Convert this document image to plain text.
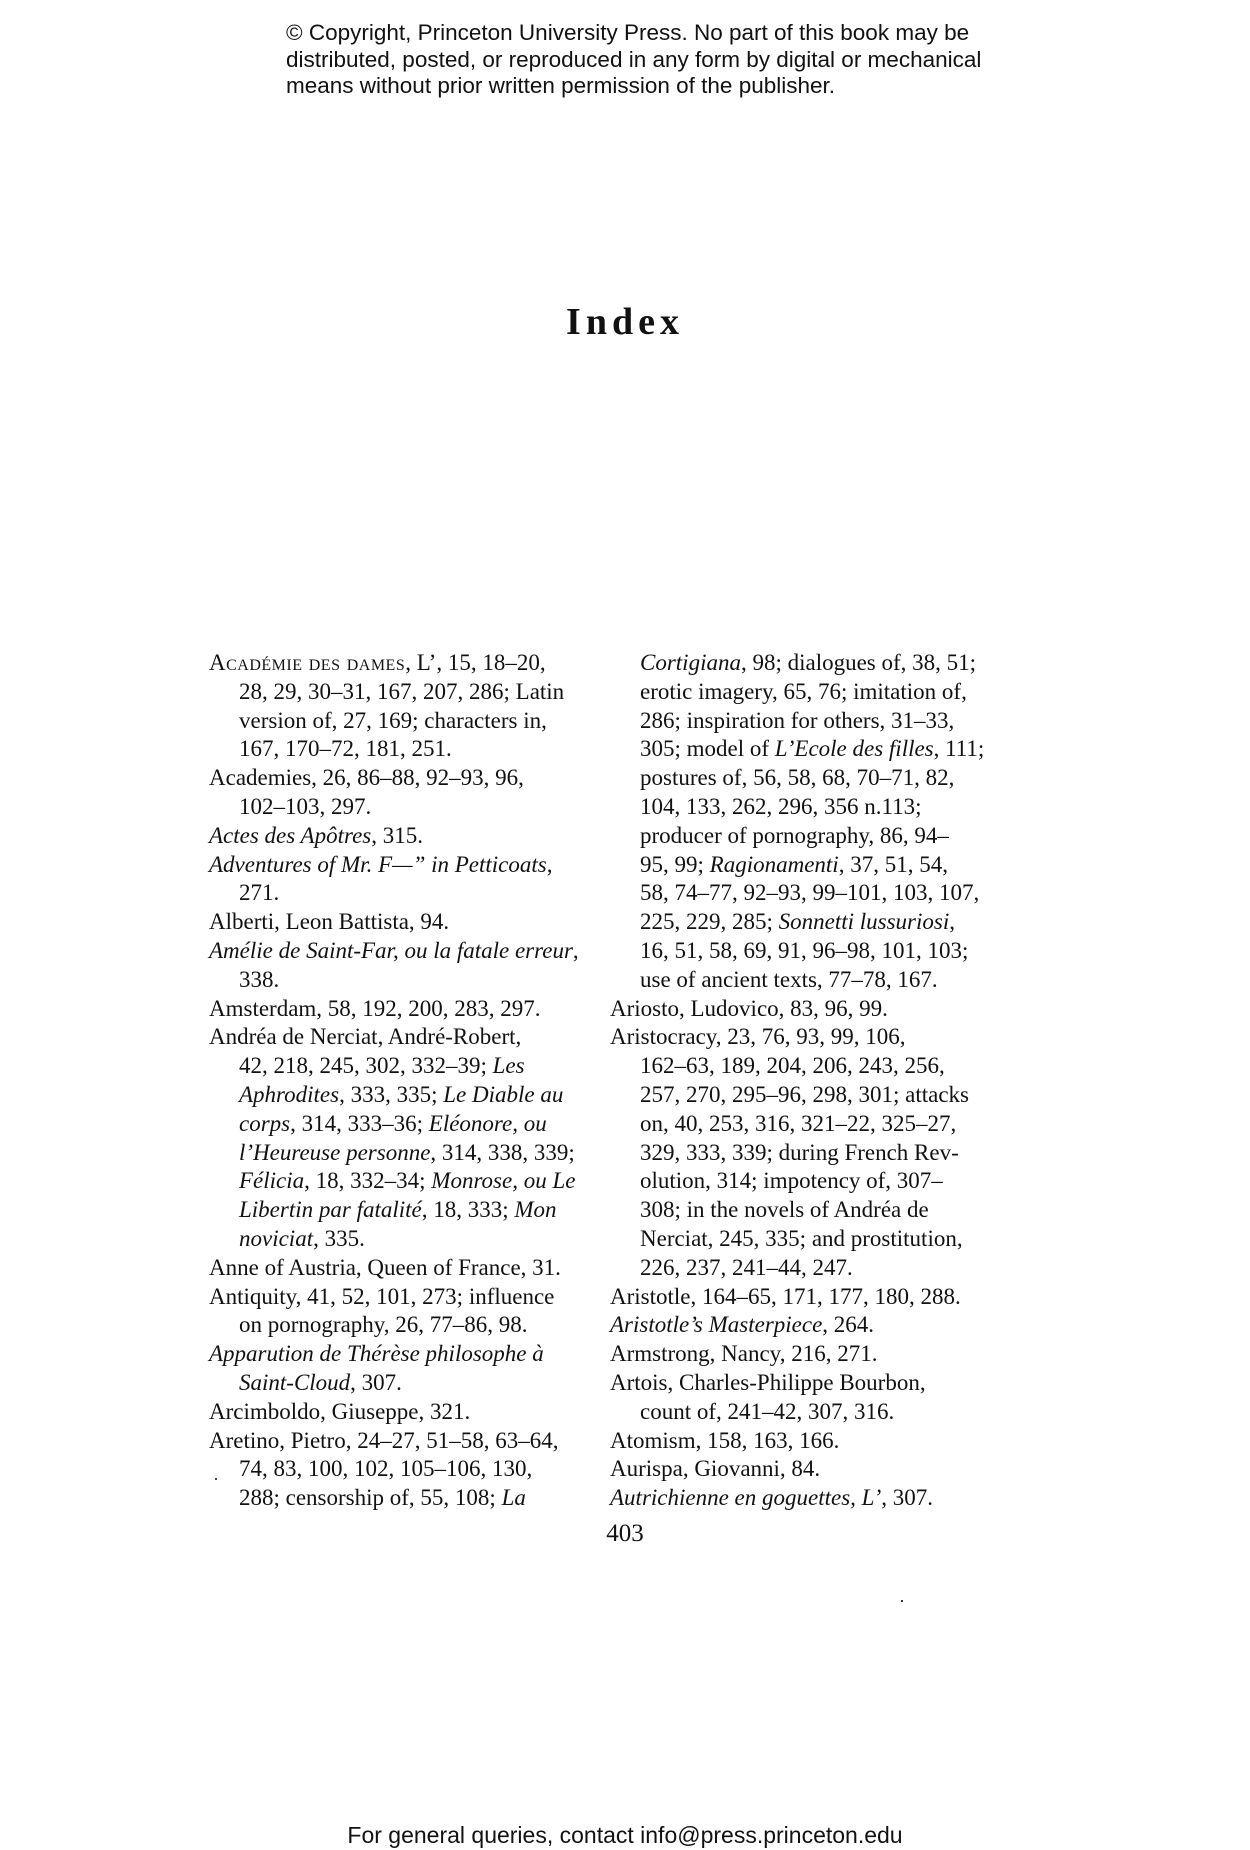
© Copyright, Princeton University Press. No part of this book may be
distributed, posted, or reproduced in any form by digital or mechanical
means without prior written permission of the publisher.
Index
Académie des dames, L’, 15, 18–20,
28, 29, 30–31, 167, 207, 286; Latin
version of, 27, 169; characters in,
167, 170–72, 181, 251.
Academies, 26, 86–88, 92–93, 96,
102–103, 297.
Actes des Apôtres, 315.
Adventures of Mr. F—” in Petticoats,
271.
Alberti, Leon Battista, 94.
Amélie de Saint-Far, ou la fatale erreur,
338.
Amsterdam, 58, 192, 200, 283, 297.
Andréa de Nerciat, André-Robert,
42, 218, 245, 302, 332–39; Les
Aphrodites, 333, 335; Le Diable au
corps, 314, 333–36; Eléonore, ou
l’Heureuse personne, 314, 338, 339;
Félicia, 18, 332–34; Monrose, ou Le
Libertin par fatalité, 18, 333; Mon
noviciat, 335.
Anne of Austria, Queen of France, 31.
Antiquity, 41, 52, 101, 273; influence
on pornography, 26, 77–86, 98.
Apparution de Thérèse philosophe à
Saint-Cloud, 307.
Arcimboldo, Giuseppe, 321.
Aretino, Pietro, 24–27, 51–58, 63–64,
74, 83, 100, 102, 105–106, 130,
288; censorship of, 55, 108; La
Cortigiana, 98; dialogues of, 38, 51;
erotic imagery, 65, 76; imitation of,
286; inspiration for others, 31–33,
305; model of L’Ecole des filles, 111;
postures of, 56, 58, 68, 70–71, 82,
104, 133, 262, 296, 356 n.113;
producer of pornography, 86, 94–
95, 99; Ragionamenti, 37, 51, 54,
58, 74–77, 92–93, 99–101, 103, 107,
225, 229, 285; Sonnetti lussuriosi,
16, 51, 58, 69, 91, 96–98, 101, 103;
use of ancient texts, 77–78, 167.
Ariosto, Ludovico, 83, 96, 99.
Aristocracy, 23, 76, 93, 99, 106,
162–63, 189, 204, 206, 243, 256,
257, 270, 295–96, 298, 301; attacks
on, 40, 253, 316, 321–22, 325–27,
329, 333, 339; during French Rev-
olution, 314; impotency of, 307–
308; in the novels of Andréa de
Nerciat, 245, 335; and prostitution,
226, 237, 241–44, 247.
Aristotle, 164–65, 171, 177, 180, 288.
Aristotle’s Masterpiece, 264.
Armstrong, Nancy, 216, 271.
Artois, Charles-Philippe Bourbon,
count of, 241–42, 307, 316.
Atomism, 158, 163, 166.
Aurispa, Giovanni, 84.
Autrichienne en goguettes, L’, 307.
·
403
For general queries, contact info@press.princeton.edu
